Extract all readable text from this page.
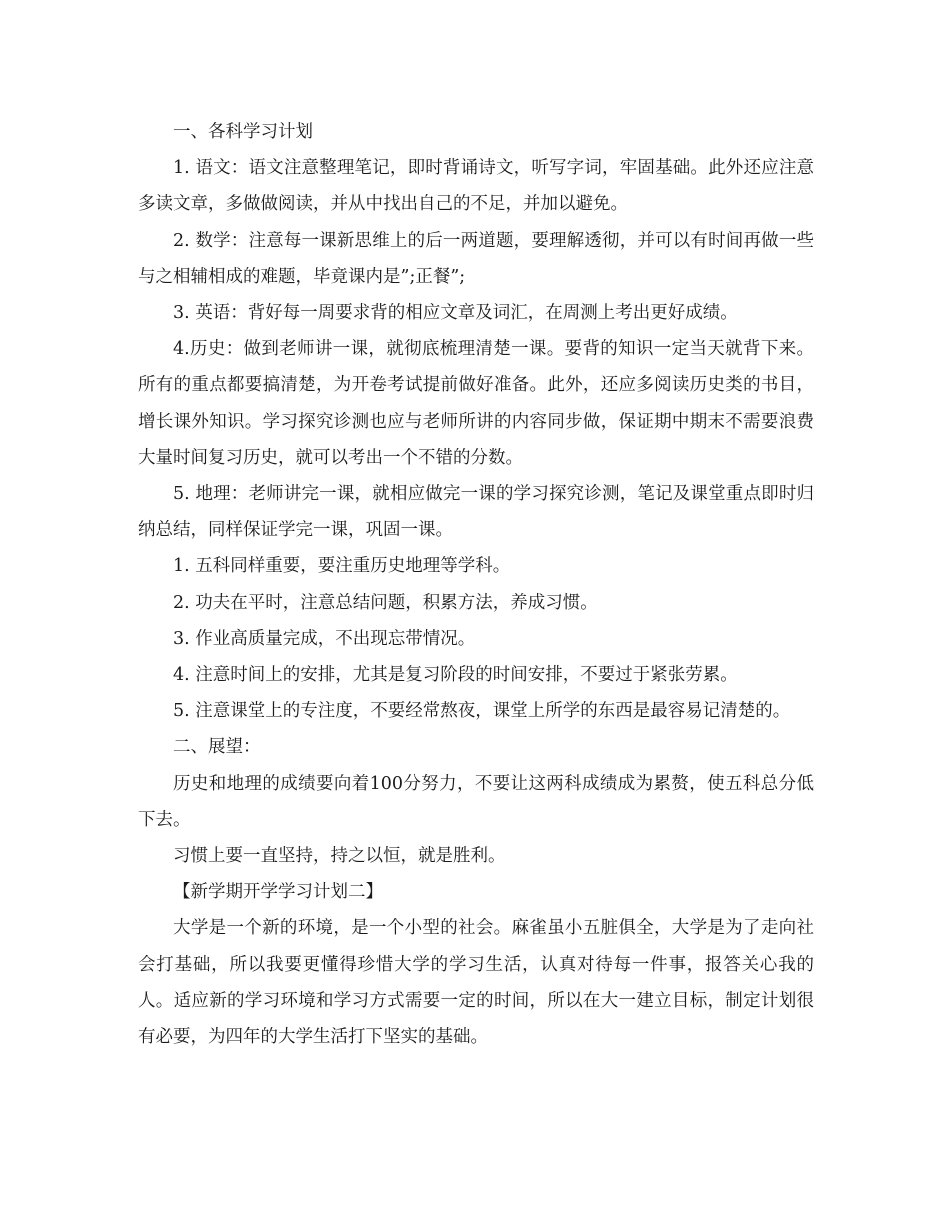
一、各科学习计划

1. 语文：语文注意整理笔记，即时背诵诗文，听写字词，牢固基础。此外还应注意多读文章，多做做阅读，并从中找出自己的不足，并加以避免。

2. 数学：注意每一课新思维上的后一两道题，要理解透彻，并可以有时间再做一些与之相辅相成的难题，毕竟课内是”;正餐”;

3. 英语：背好每一周要求背的相应文章及词汇，在周测上考出更好成绩。

4.历史：做到老师讲一课，就彻底梳理清楚一课。要背的知识一定当天就背下来。所有的重点都要搞清楚，为开卷考试提前做好准备。此外，还应多阅读历史类的书目，增长课外知识。学习探究诊测也应与老师所讲的内容同步做，保证期中期末不需要浪费大量时间复习历史，就可以考出一个不错的分数。

5. 地理：老师讲完一课，就相应做完一课的学习探究诊测，笔记及课堂重点即时归纳总结，同样保证学完一课，巩固一课。

1. 五科同样重要，要注重历史地理等学科。

2. 功夫在平时，注意总结问题，积累方法，养成习惯。

3. 作业高质量完成，不出现忘带情况。

4. 注意时间上的安排，尤其是复习阶段的时间安排，不要过于紧张劳累。

5. 注意课堂上的专注度，不要经常熬夜，课堂上所学的东西是最容易记清楚的。

二、展望：

历史和地理的成绩要向着100分努力，不要让这两科成绩成为累赘，使五科总分低下去。

习惯上要一直坚持，持之以恒，就是胜利。

【新学期开学学习计划二】

大学是一个新的环境，是一个小型的社会。麻雀虽小五脏俱全，大学是为了走向社会打基础，所以我要更懂得珍惜大学的学习生活，认真对待每一件事，报答关心我的人。适应新的学习环境和学习方式需要一定的时间，所以在大一建立目标，制定计划很有必要，为四年的大学生活打下坚实的基础。
